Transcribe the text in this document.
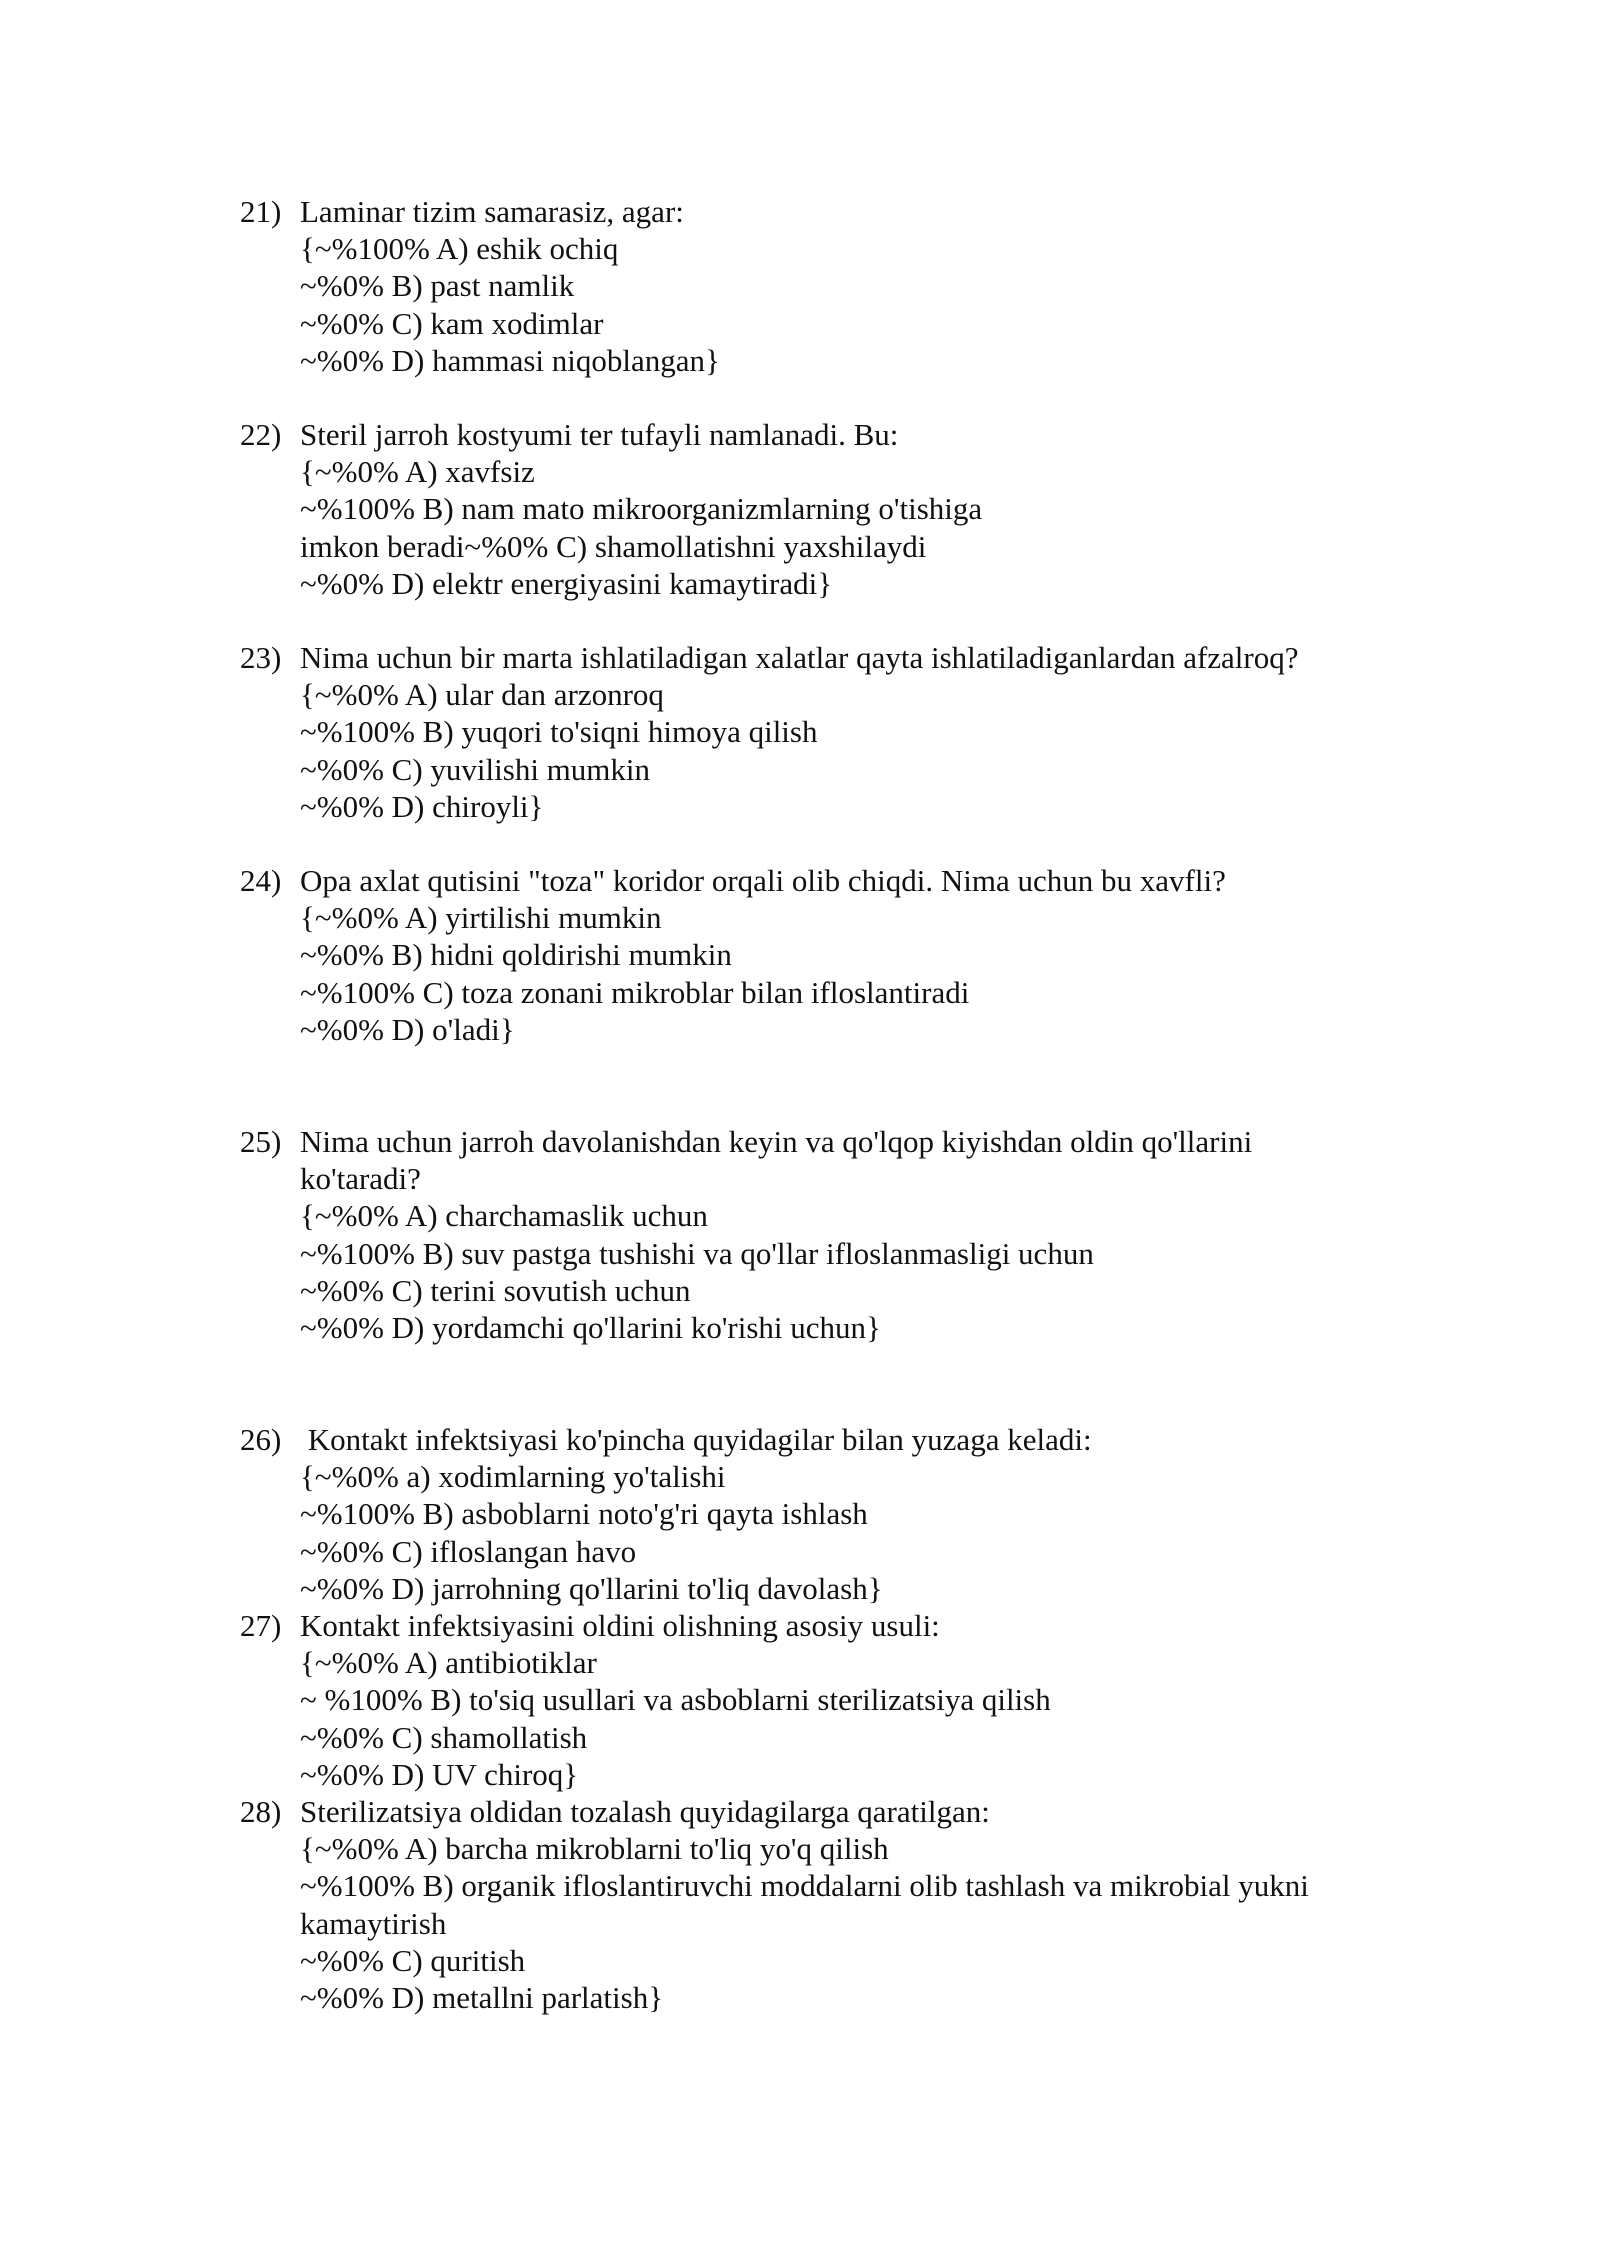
21) Laminar tizim samarasiz, agar:
{~%100% A) eshik ochiq
~%0% B) past namlik
~%0% C) kam xodimlar
~%0% D) hammasi niqoblangan}
22) Steril jarroh kostyumi ter tufayli namlanadi. Bu:
{~%0% A) xavfsiz
~%100% B) nam mato mikroorganizmlarning o'tishiga
imkon beradi~%0% C) shamollatishni yaxshilaydi
~%0% D) elektr energiyasini kamaytiradi}
23) Nima uchun bir marta ishlatiladigan xalatlar qayta ishlatiladiganlardan afzalroq?
{~%0% A) ular dan arzonroq
~%100% B) yuqori to'siqni himoya qilish
~%0% C) yuvilishi mumkin
~%0% D) chiroyli}
24) Opa axlat qutisini "toza" koridor orqali olib chiqdi. Nima uchun bu xavfli?
{~%0% A) yirtilishi mumkin
~%0% B) hidni qoldirishi mumkin
~%100% C) toza zonani mikroblar bilan ifloslantiradi
~%0% D) o'ladi}
25) Nima uchun jarroh davolanishdan keyin va qo'lqop kiyishdan oldin qo'llarini ko'taradi?
{~%0% A) charchamaslik uchun
~%100% B) suv pastga tushishi va qo'llar ifloslanmasligi uchun
~%0% C) terini sovutish uchun
~%0% D) yordamchi qo'llarini ko'rishi uchun}
26) Kontakt infektsiyasi ko'pincha quyidagilar bilan yuzaga keladi:
{~%0% a) xodimlarning yo'talishi
~%100% B) asboblarni noto'g'ri qayta ishlash
~%0% C) ifloslangan havo
~%0% D) jarrohning qo'llarini to'liq davolash}
27) Kontakt infektsiyasini oldini olishning asosiy usuli:
{~%0% A) antibiotiklar
~ %100% B) to'siq usullari va asboblarni sterilizatsiya qilish
~%0% C) shamollatish
~%0% D) UV chiroq}
28) Sterilizatsiya oldidan tozalash quyidagilarga qaratilgan:
{~%0% A) barcha mikroblarni to'liq yo'q qilish
~%100% B) organik ifloslantiruvchi moddalarni olib tashlash va mikrobial yukni kamaytirish
~%0% C) quritish
~%0% D) metallni parlatish}
